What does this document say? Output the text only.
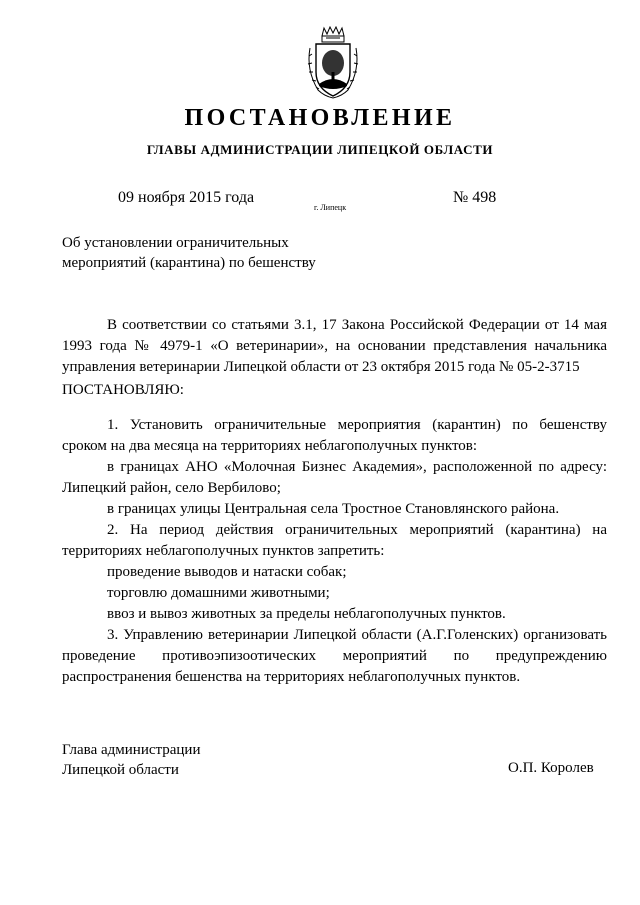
ПОСТАНОВЛЕНИЕ
ГЛАВЫ АДМИНИСТРАЦИИ ЛИПЕЦКОЙ ОБЛАСТИ
09 ноября 2015 года
г. Липецк
№ 498
Об установлении ограничительных
мероприятий (карантина) по бешенству

В соответствии со статьями 3.1, 17 Закона Российской Федерации от 14 мая 1993 года № 4979-1 «О ветеринарии», на основании представления начальника управления ветеринарии Липецкой области от 23 октября 2015 года № 05-2-3715

ПОСТАНОВЛЯЮ:

1. Установить ограничительные мероприятия (карантин) по бешенству сроком на два месяца на территориях неблагополучных пунктов:

в границах АНО «Молочная Бизнес Академия», расположенной по адресу: Липецкий район, село Вербилово;

в границах улицы Центральная села Тростное Становлянского района.

2. На период действия ограничительных мероприятий (карантина) на территориях неблагополучных пунктов запретить:

проведение выводов и натаски собак;

торговлю домашними животными;

ввоз и вывоз животных за пределы неблагополучных пунктов.

3. Управлению ветеринарии Липецкой области (А.Г.Голенских) организовать проведение противоэпизоотических мероприятий по предупреждению распространения бешенства на территориях неблагополучных пунктов.

Глава администрации
Липецкой области	О.П. Королев
